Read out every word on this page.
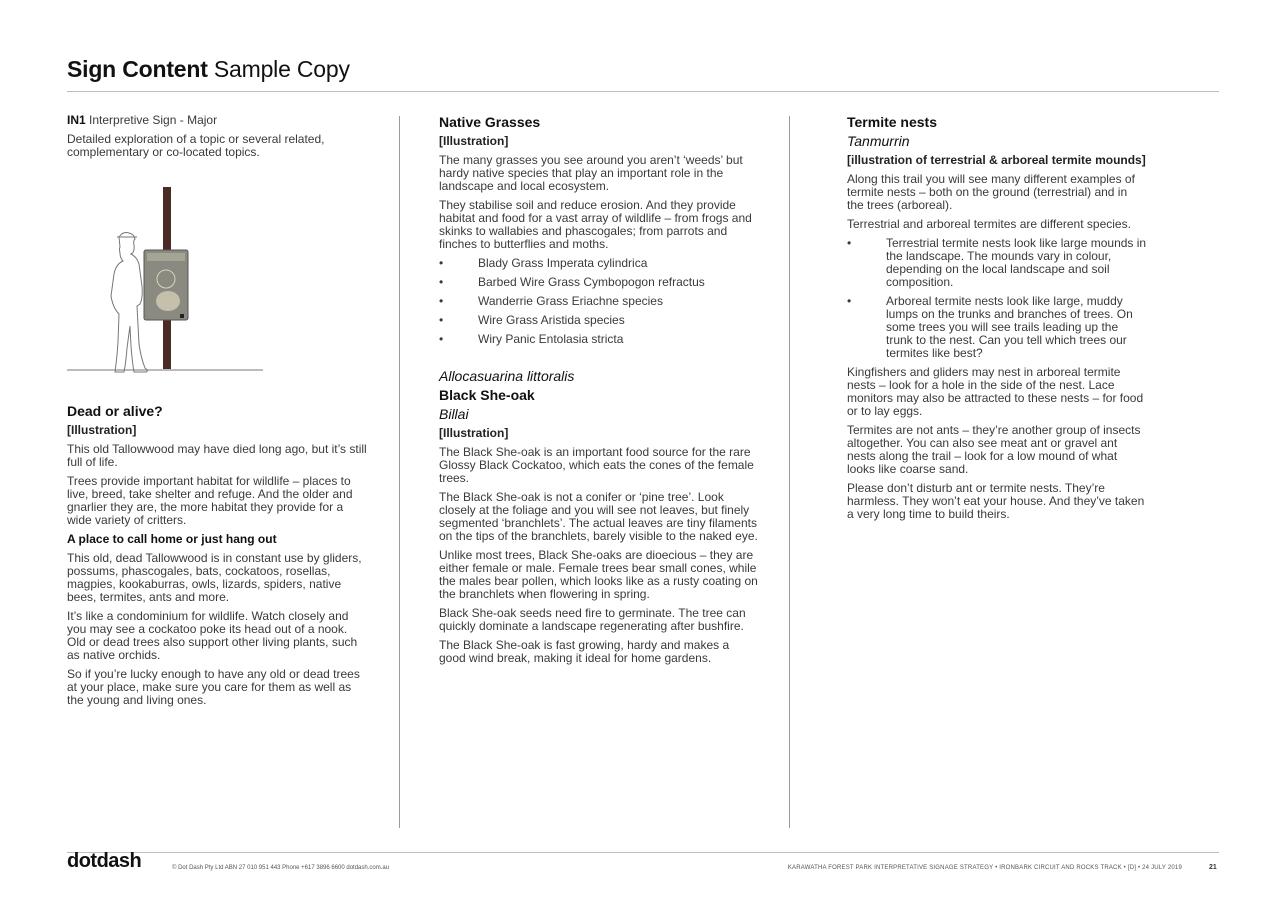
Sign Content Sample Copy

IN1 Interpretive Sign - Major

Detailed exploration of a topic or several related, complementary or co-located topics.

Dead or alive?

[Illustration]

This old Tallowwood may have died long ago, but it’s still full of life.

Trees provide important habitat for wildlife – places to live, breed, take shelter and refuge. And the older and gnarlier they are, the more habitat they provide for a wide variety of critters.

A place to call home or just hang out

This old, dead Tallowwood is in constant use by gliders, possums, phascogales, bats, cockatoos, rosellas, magpies, kookaburras, owls, lizards, spiders, native bees, termites, ants and more.

It’s like a condominium for wildlife. Watch closely and you may see a cockatoo poke its head out of a nook. Old or dead trees also support other living plants, such as native orchids.

So if you’re lucky enough to have any old or dead trees at your place, make sure you care for them as well as the young and living ones.

Native Grasses

[Illustration]

The many grasses you see around you aren’t ‘weeds’ but hardy native species that play an important role in the landscape and local ecosystem.

They stabilise soil and reduce erosion. And they provide habitat and food for a vast array of wildlife – from frogs and skinks to wallabies and phascogales; from parrots and finches to butterflies and moths.

• Blady Grass Imperata cylindrica
• Barbed Wire Grass Cymbopogon refractus
• Wanderrie Grass Eriachne species
• Wire Grass Aristida species
• Wiry Panic Entolasia stricta
Allocasuarina littoralis
Black She-oak
Billai

[Illustration]

The Black She-oak is an important food source for the rare Glossy Black Cockatoo, which eats the cones of the female trees.

The Black She-oak is not a conifer or ‘pine tree’. Look closely at the foliage and you will see not leaves, but finely segmented ‘branchlets’. The actual leaves are tiny filaments on the tips of the branchlets, barely visible to the naked eye.

Unlike most trees, Black She-oaks are dioecious – they are either female or male. Female trees bear small cones, while the males bear pollen, which looks like as a rusty coating on the branchlets when flowering in spring.

Black She-oak seeds need fire to germinate. The tree can quickly dominate a landscape regenerating after bushfire.

The Black She-oak is fast growing, hardy and makes a good wind break, making it ideal for home gardens.

Termite nests
Tanmurrin

[illustration of terrestrial & arboreal termite mounds]

Along this trail you will see many different examples of termite nests – both on the ground (terrestrial) and in the trees (arboreal).

Terrestrial and arboreal termites are different species.

• Terrestrial termite nests look like large mounds in the landscape. The mounds vary in colour, depending on the local landscape and soil composition.
• Arboreal termite nests look like large, muddy lumps on the trunks and branches of trees. On some trees you will see trails leading up the trunk to the nest. Can you tell which trees our termites like best?

Kingfishers and gliders may nest in arboreal termite nests – look for a hole in the side of the nest. Lace monitors may also be attracted to these nests – for food or to lay eggs.

Termites are not ants – they’re another group of insects altogether. You can also see meat ant or gravel ant nests along the trail – look for a low mound of what looks like coarse sand.

Please don’t disturb ant or termite nests. They’re harmless. They won’t eat your house. And they’ve taken a very long time to build theirs.

dotdash	© Dot Dash Pty Ltd ABN 27 010 951 443 Phone +617 3896 6600 dotdash.com.au	KARAWATHA FOREST PARK INTERPRETATIVE SIGNAGE STRATEGY • IRONBARK CIRCUIT AND ROCKS TRACK • [D] • 24 JULY 2019	21
